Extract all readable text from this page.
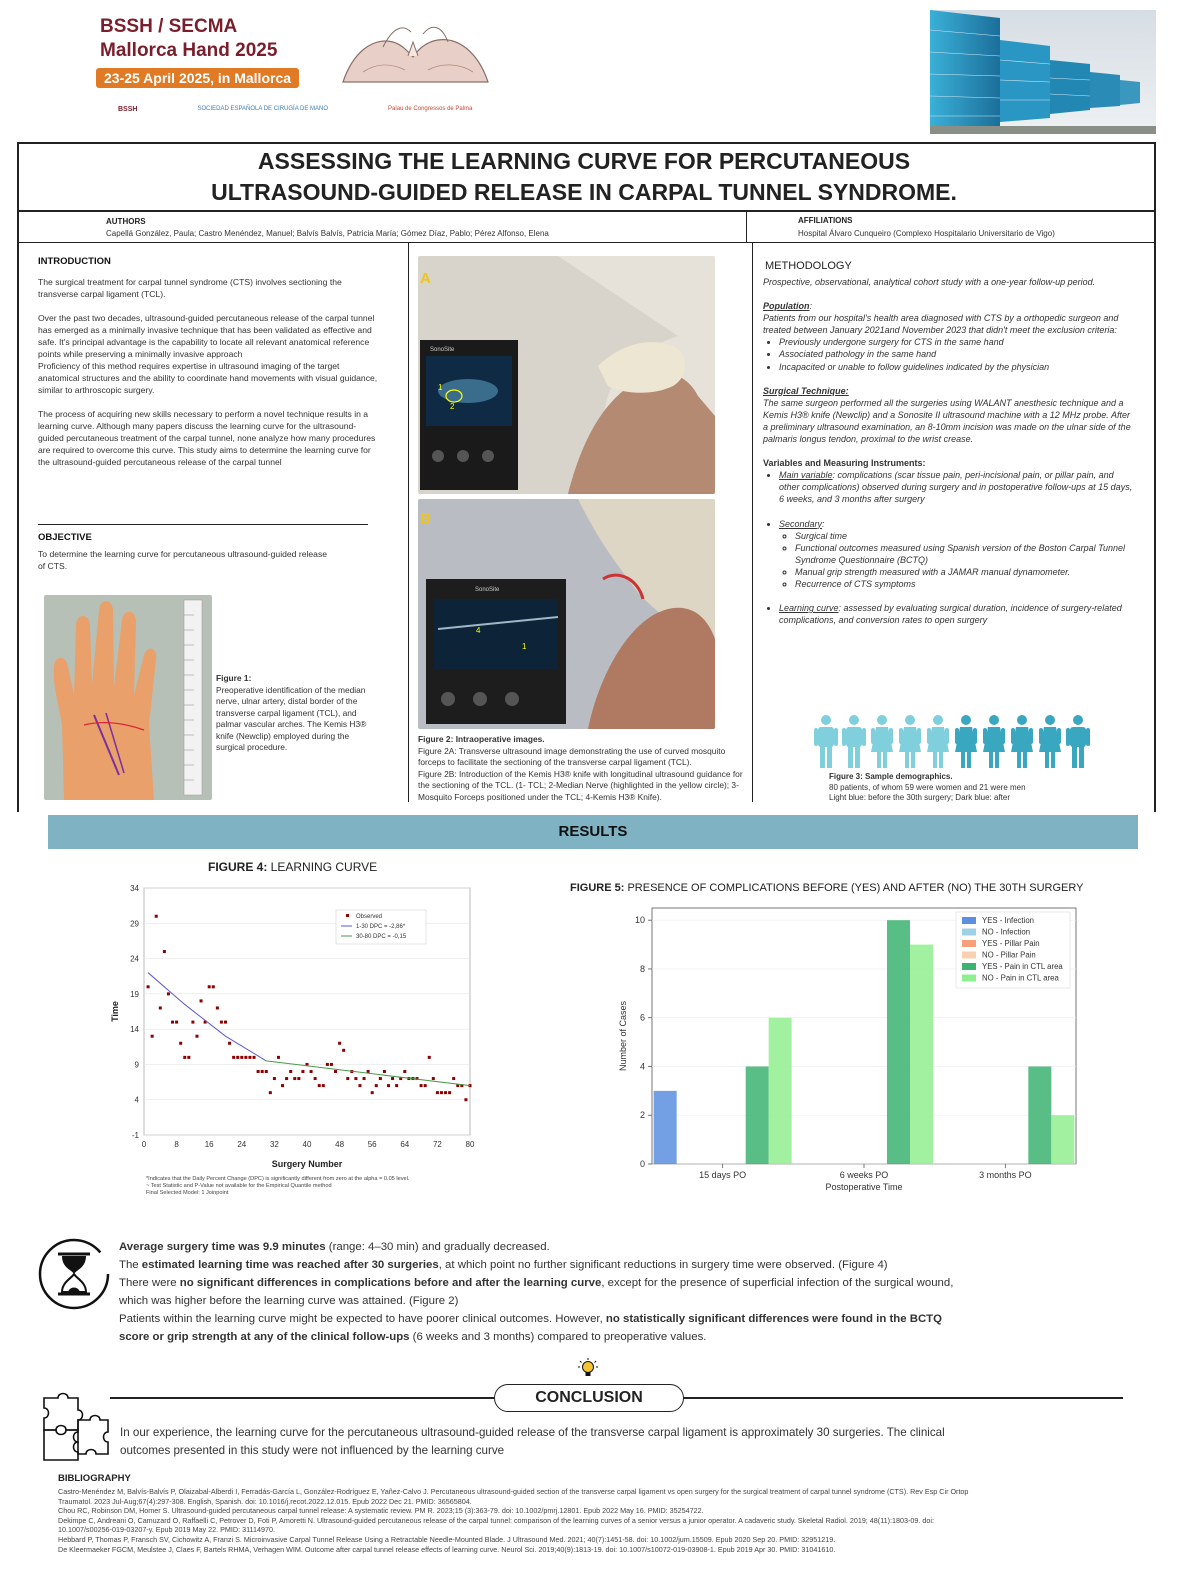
BSSH / SECMA
Mallorca Hand 2025
23-25 April 2025, in Mallorca
BSSH	SOCIEDAD ESPAÑOLA DE CIRUGÍA DE MANO	Palau de Congressos de Palma
ASSESSING THE LEARNING CURVE FOR PERCUTANEOUS
ULTRASOUND-GUIDED RELEASE IN CARPAL TUNNEL SYNDROME.
AUTHORS
Capellá González, Paula; Castro Menéndez, Manuel; Balvís Balvís, Patricia María; Gómez Díaz, Pablo; Pérez Alfonso, Elena
AFFILIATIONS
Hospital Álvaro Cunqueiro (Complexo Hospitalario Universitario de Vigo)
INTRODUCTION
The surgical treatment for carpal tunnel syndrome (CTS) involves sectioning the transverse carpal ligament (TCL).
Over the past two decades, ultrasound-guided percutaneous release of the carpal tunnel has emerged as a minimally invasive technique that has been validated as effective and safe. It's principal advantage is the capability to locate all relevant anatomical reference points while preserving a minimally invasive approach
Proficiency of this method requires expertise in ultrasound imaging of the target anatomical structures and the ability to coordinate hand movements with visual guidance, similar to arthroscopic surgery.
The process of acquiring new skills necessary to perform a novel technique results in a learning curve. Although many papers discuss the learning curve for the ultrasound-guided percutaneous treatment of the carpal tunnel, none analyze how many procedures are required to overcome this curve. This study aims to determine the learning curve for the ultrasound-guided percutaneous release of the carpal tunnel
OBJECTIVE
To determine the learning curve for percutaneous ultrasound-guided release of CTS.
Figure 1:
Preoperative identification of the median nerve, ulnar artery, distal border of the transverse carpal ligament (TCL), and palmar vascular arches. The Kemis H3® knife (Newclip) employed during the surgical procedure.
1
2
A
SonoSite
4
1
B
SonoSite
Figure 2: Intraoperative images.
Figure 2A: Transverse ultrasound image demonstrating the use of curved mosquito forceps to facilitate the sectioning of the transverse carpal ligament (TCL).
Figure 2B: Introduction of the Kemis H3® knife with longitudinal ultrasound guidance for the sectioning of the TCL. (1- TCL; 2-Median Nerve (highlighted in the yellow circle); 3- Mosquito Forceps positioned under the TCL; 4-Kemis H3® Knife).
METHODOLOGY
Prospective, observational, analytical cohort study with a one-year follow-up period.
Population:
Patients from our hospital's health area diagnosed with CTS by a orthopedic surgeon and treated between January 2021and November 2023 that didn't meet the exclusion criteria:
• Previously undergone surgery for CTS in the same hand
• Associated pathology in the same hand
• Incapacited or unable to follow guidelines indicated by the physician
Surgical Technique:
The same surgeon performed all the surgeries using WALANT anesthesic technique and a Kemis H3® knife (Newclip) and a Sonosite II ultrasound machine with a 12 MHz probe. After a preliminary ultrasound examination, an 8-10mm incision was made on the ulnar side of the palmaris longus tendon, proximal to the wrist crease.
Variables and Measuring Instruments:
• Main variable: complications (scar tissue pain, peri-incisional pain, or pillar pain, and other complications) observed during surgery and in postoperative follow-ups at 15 days, 6 weeks, and 3 months after surgery
• Secondary:
◦ Surgical time
◦ Functional outcomes measured using Spanish version of the Boston Carpal Tunnel Syndrome Questionnaire (BCTQ)
◦ Manual grip strength measured with a JAMAR manual dynamometer.
◦ Recurrence of CTS symptoms
• Learning curve: assessed by evaluating surgical duration, incidence of surgery-related complications, and conversion rates to open surgery
Figure 3: Sample demographics.
80 patients, of whom 59 were women and 21 were men
Light blue: before the 30th surgery; Dark blue: after
RESULTS
FIGURE 4: LEARNING CURVE
-1
4
9
14
19
24
29
34
0	8	16	24	32	40	48	56	64	72	80
Surgery Number
Time
Observed
1-30 DPC = -2,86*
30-80 DPC = -0,15
*Indicates that the Daily Percent Change (DPC) is significantly different from zero at the alpha = 0.05 level.
~ Test Statistic and P-Value not available for the Empirical Quantile method
Final Selected Model: 1 Joinpoint
FIGURE 5: PRESENCE OF COMPLICATIONS BEFORE (YES) AND AFTER (NO) THE 30TH SURGERY
0
2
4
6
8
10
15 days PO	6 weeks PO	3 months PO
Postoperative Time
Number of Cases
YES - Infection
NO - Infection
YES - Pillar Pain
NO - Pillar Pain
YES - Pain in CTL area
NO - Pain in CTL area
Average surgery time was 9.9 minutes (range: 4–30 min) and gradually decreased.
The estimated learning time was reached after 30 surgeries, at which point no further significant reductions in surgery time were observed. (Figure 4)
There were no significant differences in complications before and after the learning curve, except for the presence of superficial infection of the surgical wound,
which was higher before the learning curve was attained. (Figure 2)
Patients within the learning curve might be expected to have poorer clinical outcomes. However, no statistically significant differences were found in the BCTQ
score or grip strength at any of the clinical follow-ups (6 weeks and 3 months) compared to preoperative values.
CONCLUSION
In our experience, the learning curve for the percutaneous ultrasound-guided release of the transverse carpal ligament is approximately 30 surgeries. The clinical
outcomes presented in this study were not influenced by the learning curve
BIBLIOGRAPHY
Castro-Menéndez M, Balvís-Balvís P, Olaizabal-Alberdi I, Ferradás-García L, González-Rodríguez E, Yañez-Calvo J. Percutaneous ultrasound-guided section of the transverse carpal ligament vs open surgery for the surgical treatment of carpal tunnel syndrome (CTS). Rev Esp Cir Ortop
Traumatol. 2023 Jul-Aug;67(4):297-308. English, Spanish. doi: 10.1016/j.recot.2022.12.015. Epub 2022 Dec 21. PMID: 36565804.
Chou RC, Robinson DM, Homer S. Ultrasound-guided percutaneous carpal tunnel release: A systematic review. PM R. 2023;15 (3):363-79. doi: 10.1002/pmrj.12801. Epub 2022 May 16. PMID: 35254722.
Dekimpe C, Andreani O, Camuzard O, Raffaelli C, Petrover D, Foti P, Amoretti N. Ultrasound-guided percutaneous release of the carpal tunnel: comparison of the learning curves of a senior versus a junior operator. A cadaveric study. Skeletal Radiol. 2019; 48(11):1803-09. doi:
10.1007/s00256-019-03207-y. Epub 2019 May 22. PMID: 31114970.
Hebbard P, Thomas P, Fransch SV, Cichowitz A, Franzi S. Microinvasive Carpal Tunnel Release Using a Retractable Needle-Mounted Blade. J Ultrasound Med. 2021; 40(7):1451-58. doi: 10.1002/jum.15509. Epub 2020 Sep 20. PMID: 32951219.
De Kleermaeker FGCM, Meulstee J, Claes F, Bartels RHMA, Verhagen WIM. Outcome after carpal tunnel release effects of learning curve. Neurol Sci. 2019;40(9):1813-19. doi: 10.1007/s10072-019-03908-1. Epub 2019 Apr 30. PMID: 31041610.
